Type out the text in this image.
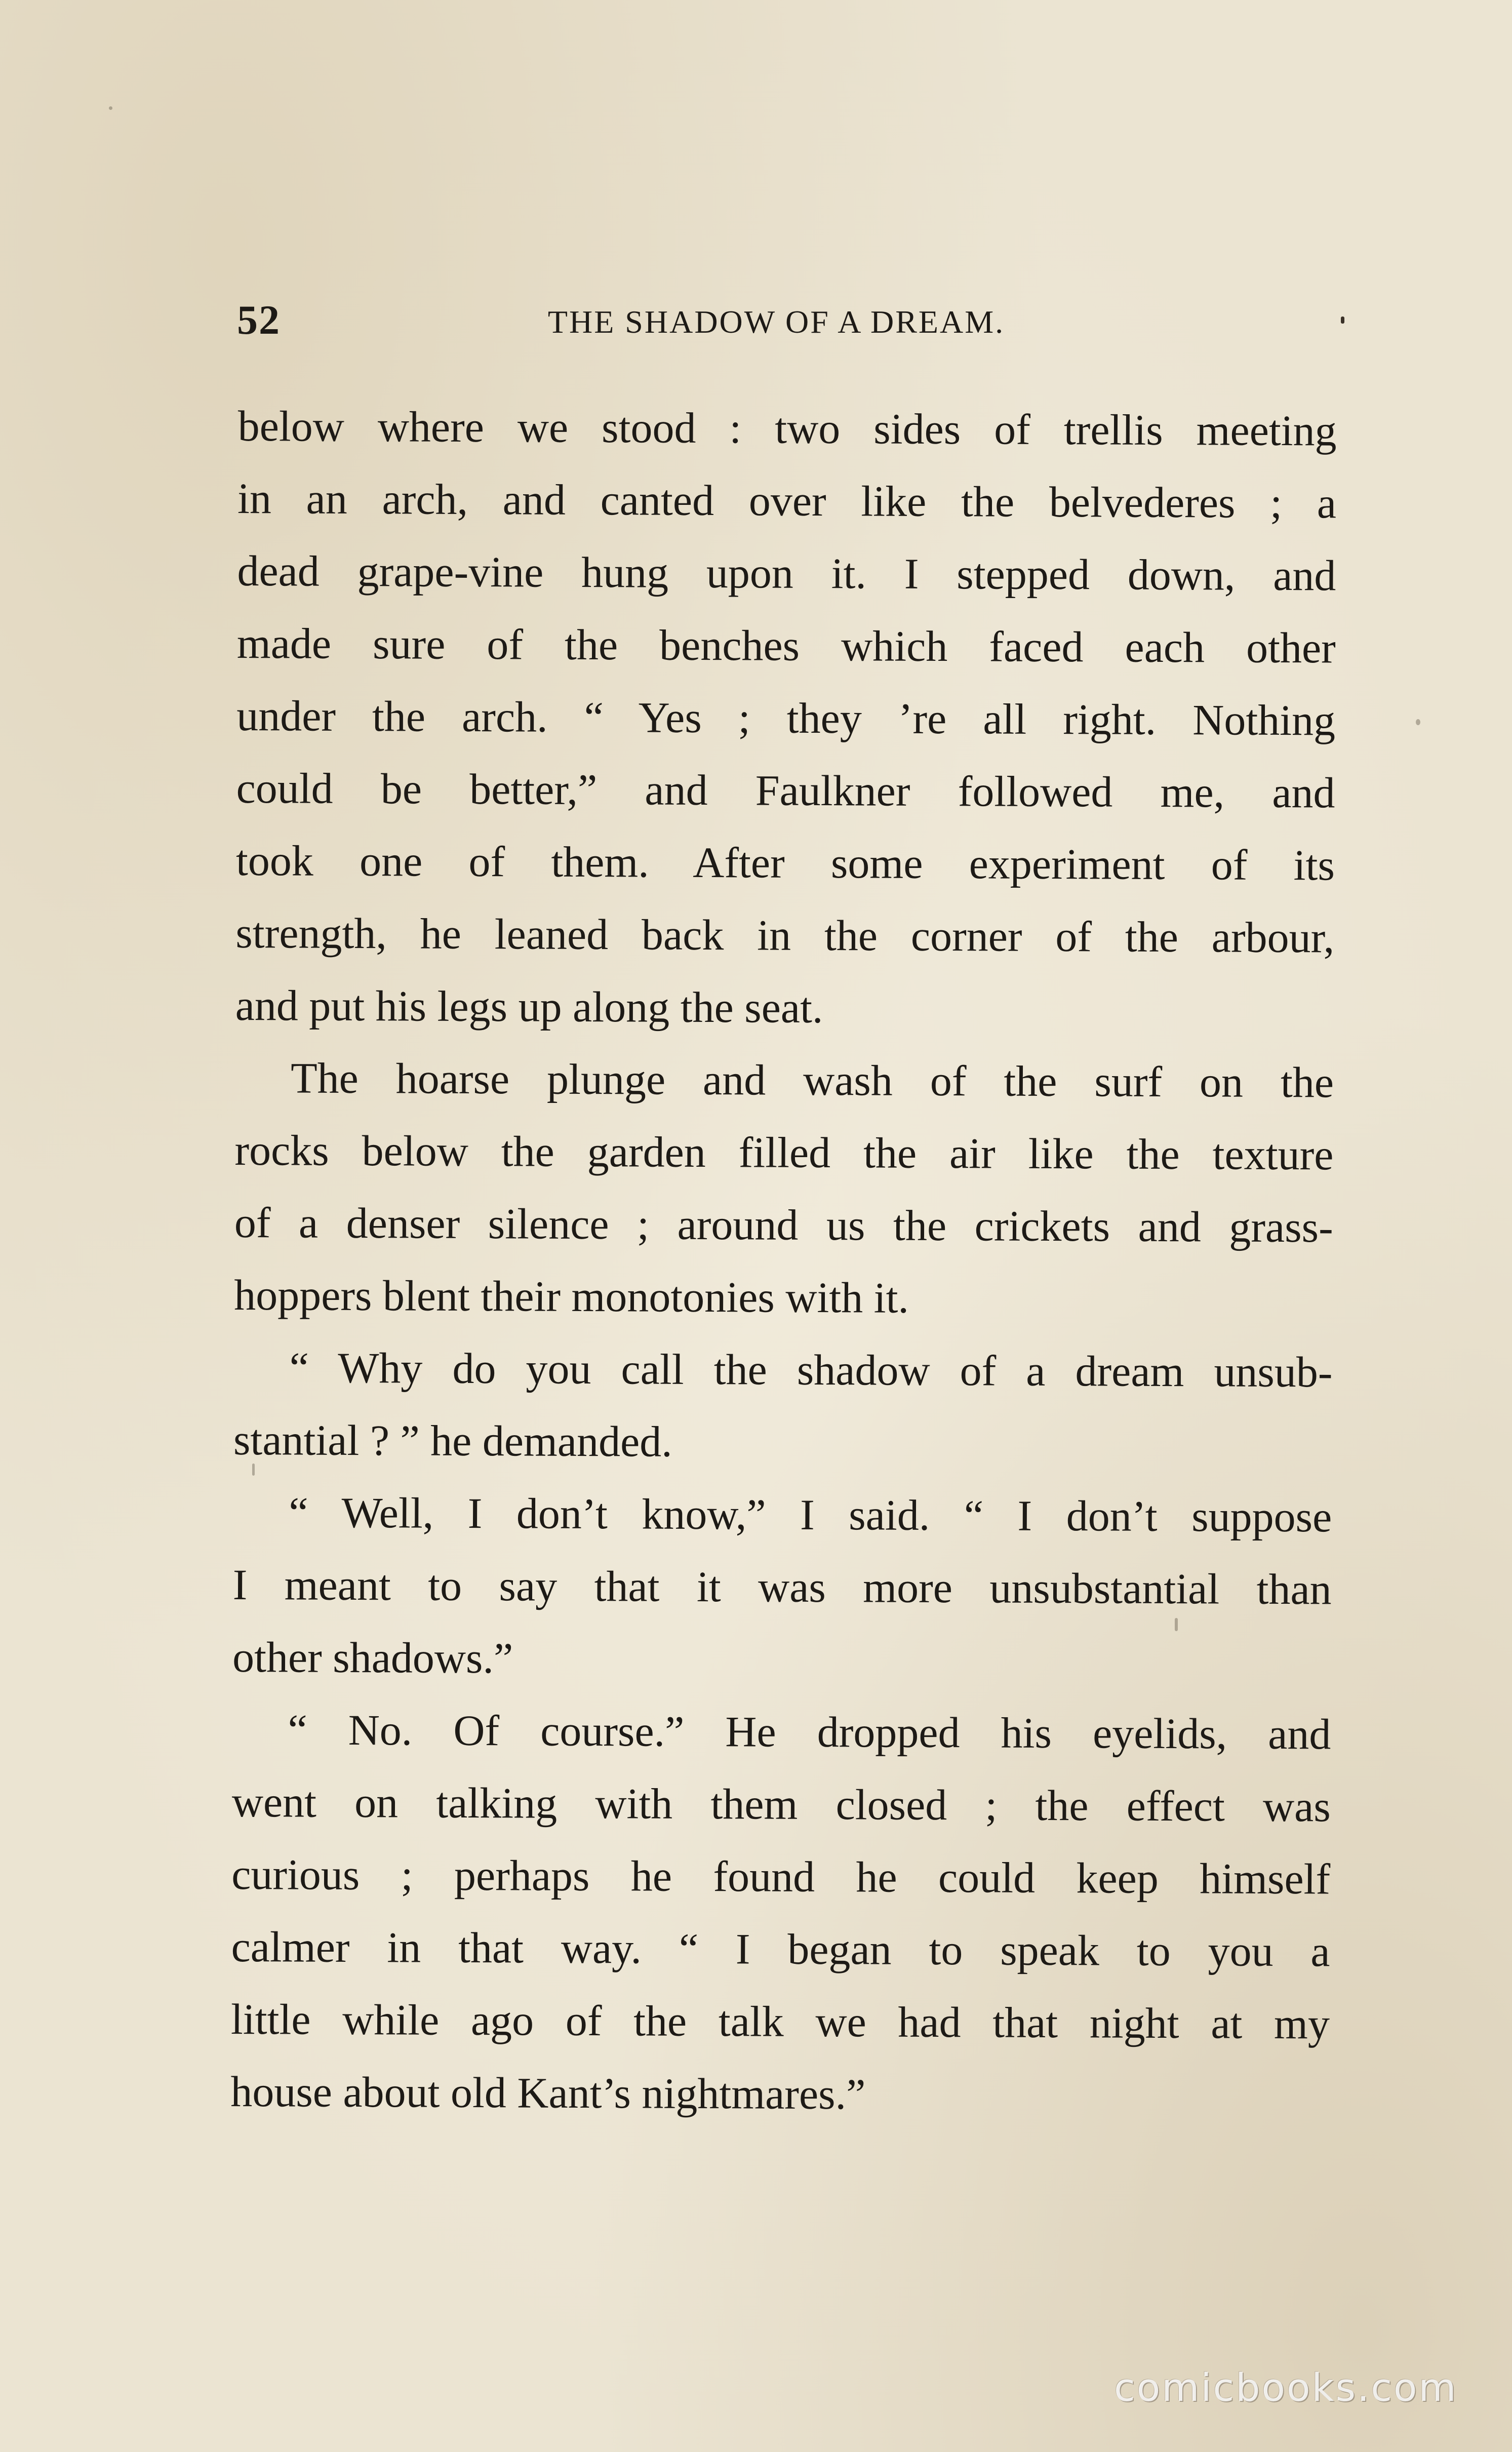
52	THE SHADOW OF A DREAM.
below where we stood : two sides of trellis meeting
in an arch, and canted over like the belvederes ; a
dead grape-vine hung upon it. I stepped down, and
made sure of the benches which faced each other
under the arch. “ Yes ; they ’re all right. Nothing
could be better,” and Faulkner followed me, and
took one of them. After some experiment of its
strength, he leaned back in the corner of the arbour,
and put his legs up along the seat.
The hoarse plunge and wash of the surf on the
rocks below the garden filled the air like the texture
of a denser silence ; around us the crickets and grass-
hoppers blent their monotonies with it.
“ Why do you call the shadow of a dream unsub-
stantial ? ” he demanded.
“ Well, I don’t know,” I said. “ I don’t suppose
I meant to say that it was more unsubstantial than
other shadows.”
“ No. Of course.” He dropped his eyelids, and
went on talking with them closed ; the effect was
curious ; perhaps he found he could keep himself
calmer in that way. “ I began to speak to you a
little while ago of the talk we had that night at my
house about old Kant’s nightmares.”
comicbooks.com
